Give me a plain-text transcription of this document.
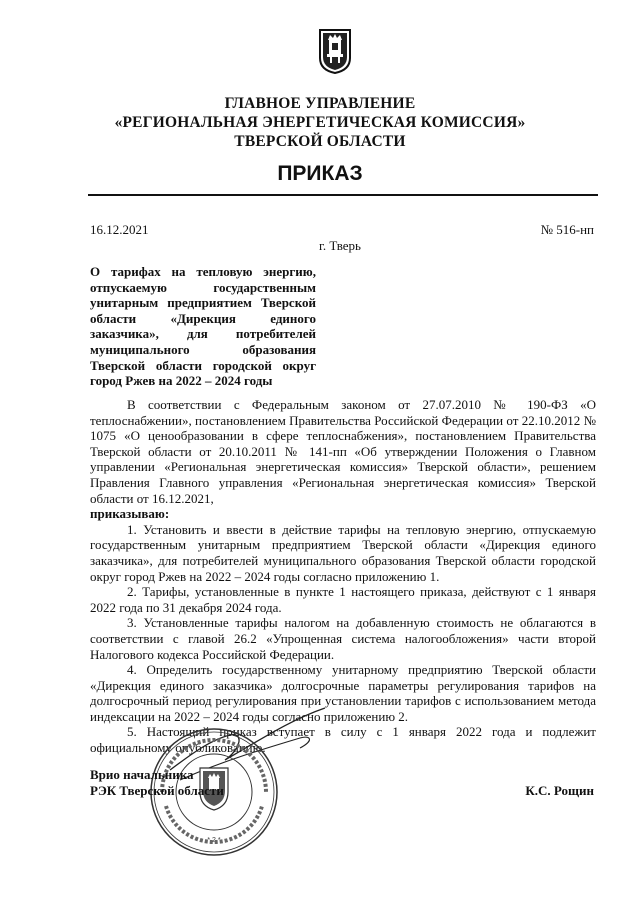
ГЛАВНОЕ УПРАВЛЕНИЕ
«РЕГИОНАЛЬНАЯ ЭНЕРГЕТИЧЕСКАЯ КОМИССИЯ»
ТВЕРСКОЙ ОБЛАСТИ
ПРИКАЗ
16.12.2021	№ 516-нп
г. Тверь
О тарифах на тепловую энергию, отпускаемую государственным унитарным предприятием Тверской области «Дирекция единого заказчика», для потребителей муниципального образования Тверской области городской округ город Ржев на 2022 – 2024 годы

В соответствии с Федеральным законом от 27.07.2010 № 190-ФЗ «О теплоснабжении», постановлением Правительства Российской Федерации от 22.10.2012 № 1075 «О ценообразовании в сфере теплоснабжения», постановлением Правительства Тверской области от 20.10.2011 № 141-пп «Об утверждении Положения о Главном управлении «Региональная энергетическая комиссия» Тверской области», решением Правления Главного управления «Региональная энергетическая комиссия» Тверской области от 16.12.2021,

приказываю:

1. Установить и ввести в действие тарифы на тепловую энергию, отпускаемую государственным унитарным предприятием Тверской области «Дирекция единого заказчика», для потребителей муниципального образования Тверской области городской округ город Ржев на 2022 – 2024 годы согласно приложению 1.

2. Тарифы, установленные в пункте 1 настоящего приказа, действуют с 1 января 2022 года по 31 декабря 2024 года.

3. Установленные тарифы налогом на добавленную стоимость не облагаются в соответствии с главой 26.2 «Упрощенная система налогообложения» части второй Налогового кодекса Российской Федерации.

4. Определить государственному унитарному предприятию Тверской области «Дирекция единого заказчика» долгосрочные параметры регулирования тарифов на долгосрочный период регулирования при установлении тарифов с использованием метода индексации на 2022 – 2024 годы согласно приложению 2.

5. Настоящий приказ вступает в силу с 1 января 2022 года и подлежит официальному опубликованию.

* 2 *
Врио начальника
РЭК Тверской области	К.С. Рощин
